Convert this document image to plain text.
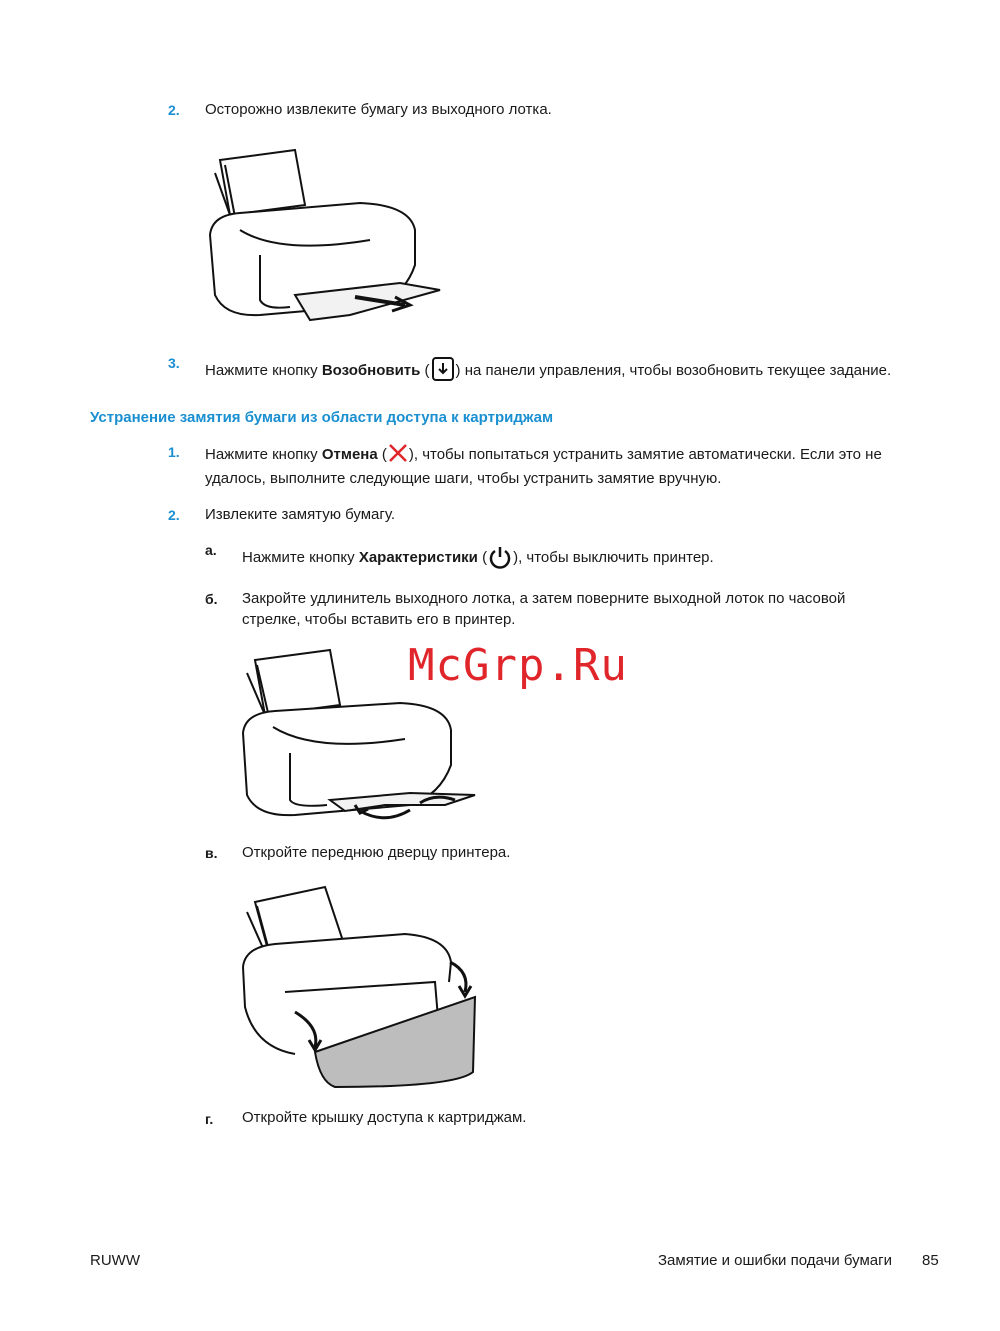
2. Осторожно извлеките бумагу из выходного лотка.
3. Нажмите кнопку Возобновить ( ) на панели управления, чтобы возобновить текущее задание.
Устранение замятия бумаги из области доступа к картриджам
1. Нажмите кнопку Отмена ( ), чтобы попытаться устранить замятие автоматически. Если это не
удалось, выполните следующие шаги, чтобы устранить замятие вручную.
2. Извлеките замятую бумагу.
а. Нажмите кнопку Характеристики ( ), чтобы выключить принтер.
б. Закройте удлинитель выходного лотка, а затем поверните выходной лоток по часовой
стрелке, чтобы вставить его в принтер.
McGrp.Ru
в. Откройте переднюю дверцу принтера.
г. Откройте крышку доступа к картриджам.
RUWW	Замятие и ошибки подачи бумаги 85
